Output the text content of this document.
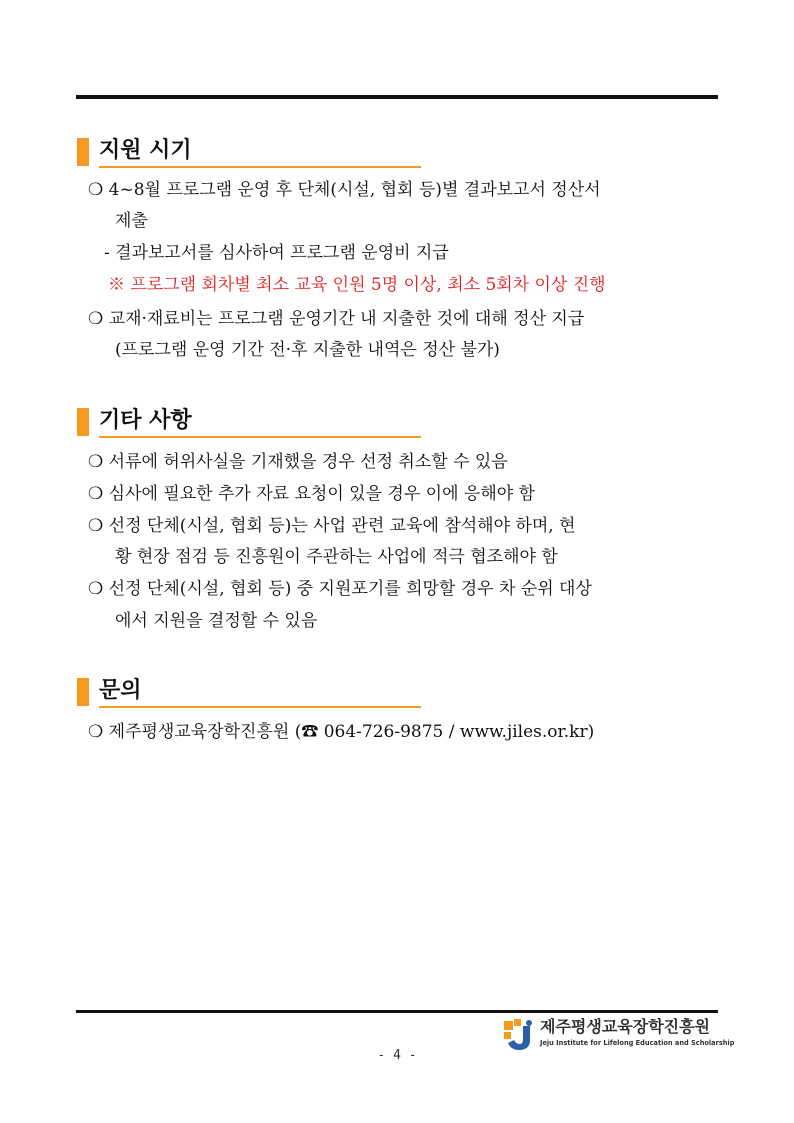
지원 시기
❍ 4~8월 프로그램 운영 후 단체(시설, 협회 등)별 결과보고서 정산서
제출
- 결과보고서를 심사하여 프로그램 운영비 지급
※ 프로그램 회차별 최소 교육 인원 5명 이상, 최소 5회차 이상 진행
❍ 교재·재료비는 프로그램 운영기간 내 지출한 것에 대해 정산 지급
(프로그램 운영 기간 전·후 지출한 내역은 정산 불가)
기타 사항
❍ 서류에 허위사실을 기재했을 경우 선정 취소할 수 있음
❍ 심사에 필요한 추가 자료 요청이 있을 경우 이에 응해야 함
❍ 선정 단체(시설, 협회 등)는 사업 관련 교육에 참석해야 하며, 현
황 현장 점검 등 진흥원이 주관하는 사업에 적극 협조해야 함
❍ 선정 단체(시설, 협회 등) 중 지원포기를 희망할 경우 차 순위 대상
에서 지원을 결정할 수 있음
문의
❍ 제주평생교육장학진흥원 (☎ 064-726-9875 / www.jiles.or.kr)
제주평생교육장학진흥원
Jeju Institute for Lifelong Education and Scholarship
- 4 -
